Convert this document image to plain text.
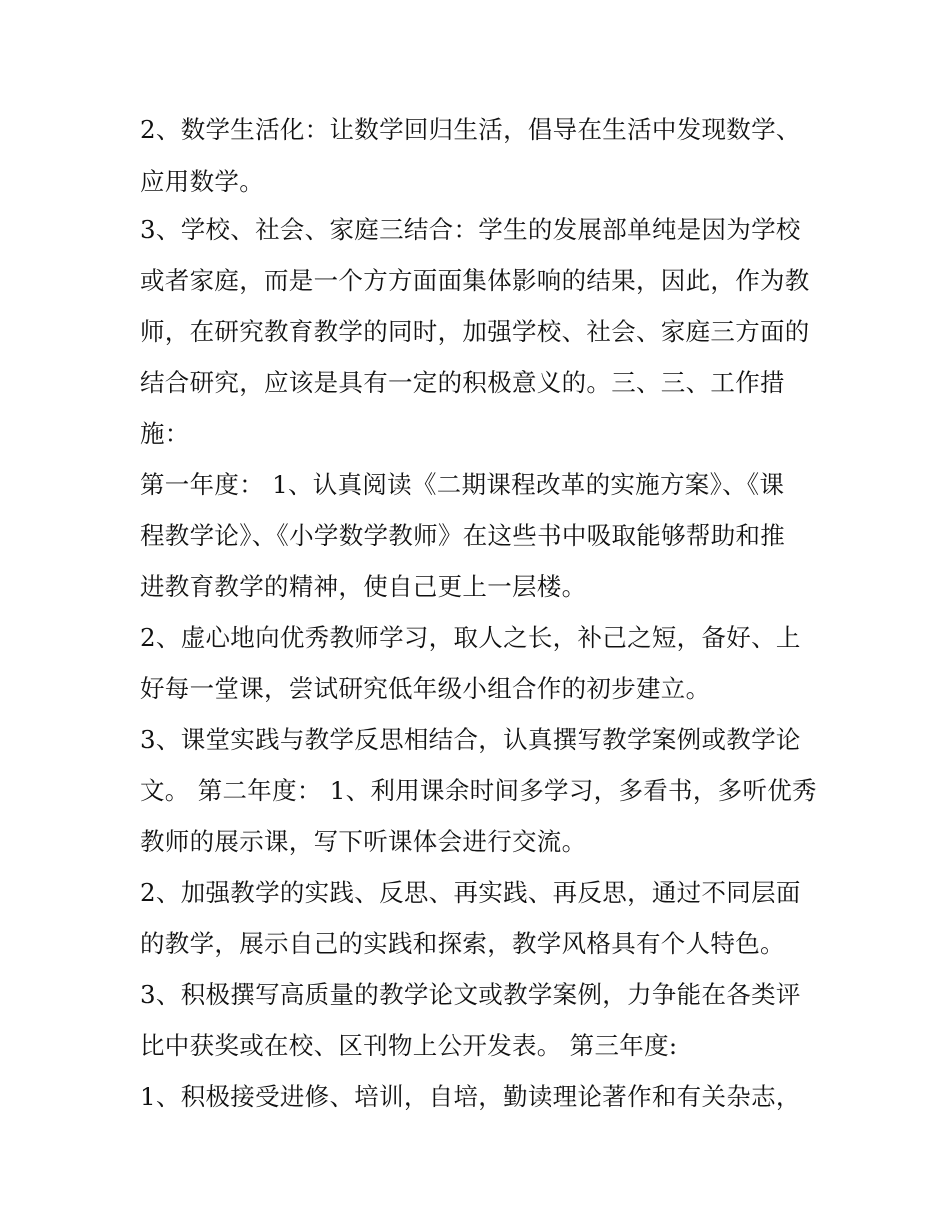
2、数学生活化：让数学回归生活，倡导在生活中发现数学、
应用数学。
3、学校、社会、家庭三结合：学生的发展部单纯是因为学校
或者家庭，而是一个方方面面集体影响的结果，因此，作为教
师，在研究教育教学的同时，加强学校、社会、家庭三方面的
结合研究，应该是具有一定的积极意义的。三、三、工作措
施：
第一年度： 1、认真阅读《二期课程改革的实施方案》、《课
程教学论》、《小学数学教师》在这些书中吸取能够帮助和推
进教育教学的精神，使自己更上一层楼。
2、虚心地向优秀教师学习，取人之长，补己之短，备好、上
好每一堂课，尝试研究低年级小组合作的初步建立。
3、课堂实践与教学反思相结合，认真撰写教学案例或教学论
文。 第二年度： 1、利用课余时间多学习，多看书，多听优秀
教师的展示课，写下听课体会进行交流。
2、加强教学的实践、反思、再实践、再反思，通过不同层面
的教学，展示自己的实践和探索，教学风格具有个人特色。
3、积极撰写高质量的教学论文或教学案例，力争能在各类评
比中获奖或在校、区刊物上公开发表。 第三年度:
1、积极接受进修、培训，自培，勤读理论著作和有关杂志，
